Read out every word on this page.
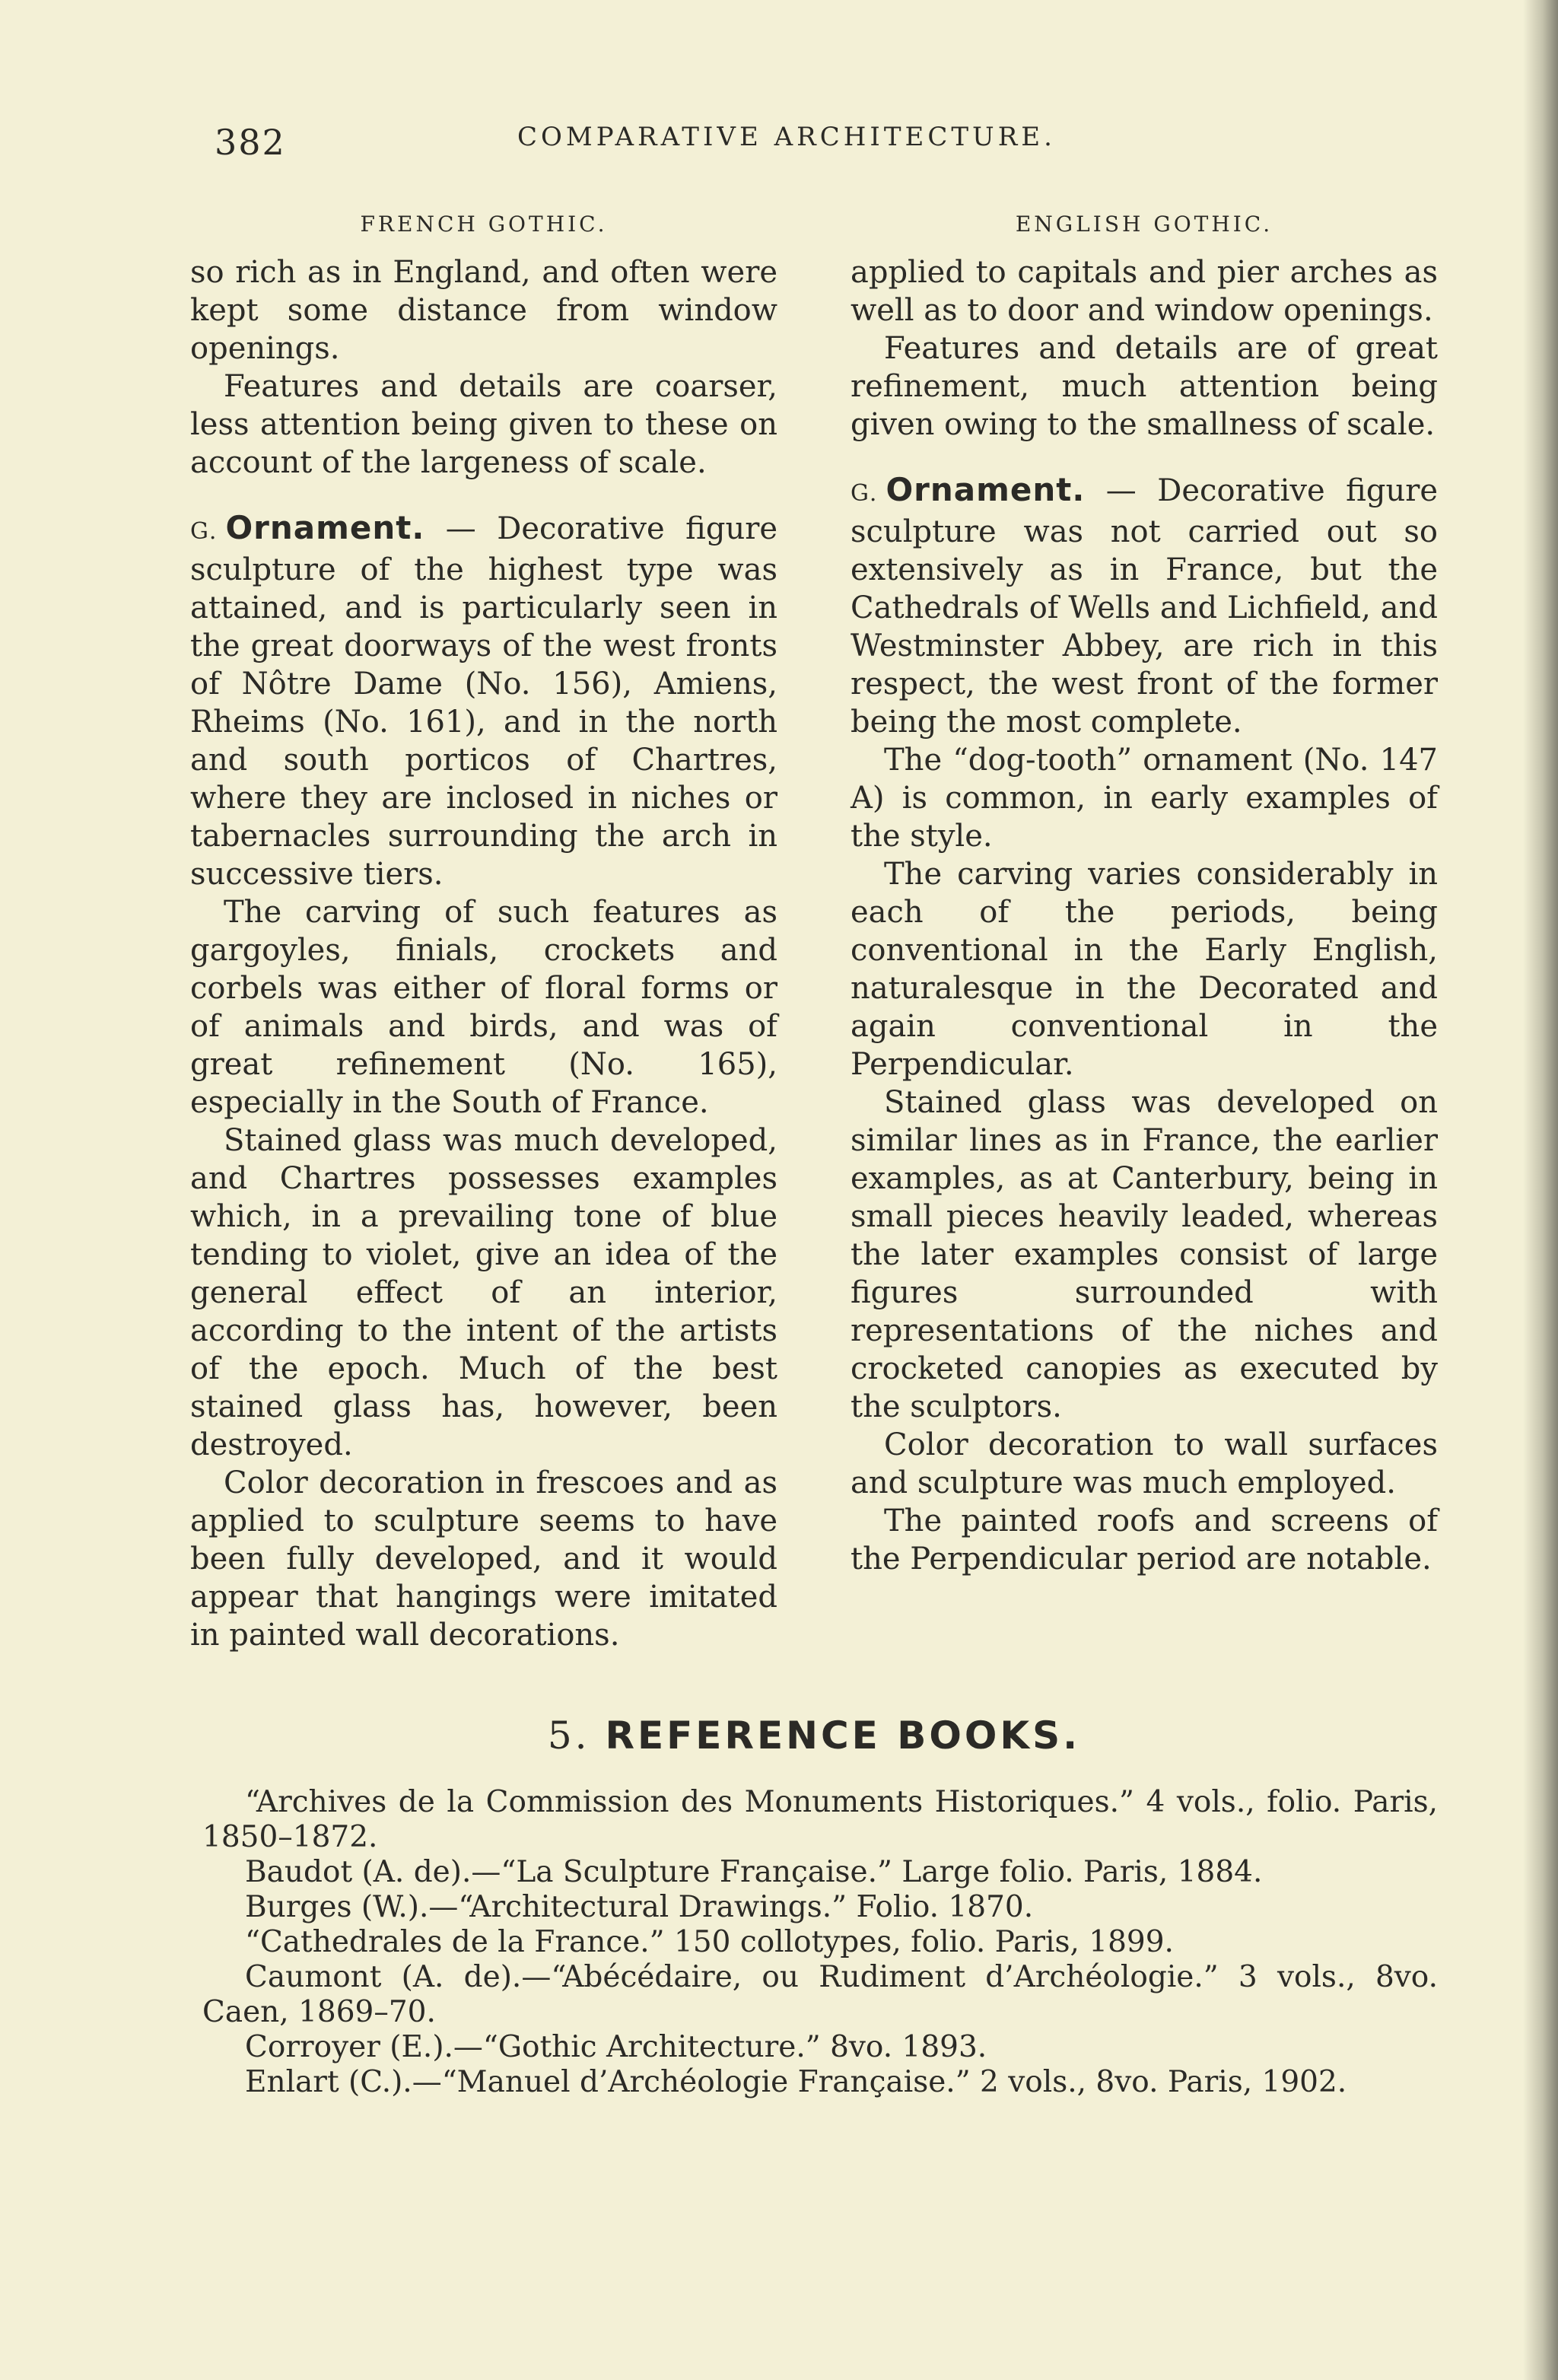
382	COMPARATIVE ARCHITECTURE.
FRENCH GOTHIC.

so rich as in England, and often were kept some distance from window openings.

Features and details are coarser, less attention being given to these on account of the largeness of scale.

G. Ornament. — Decorative figure sculpture of the highest type was attained, and is particularly seen in the great doorways of the west fronts of Nôtre Dame (No. 156), Amiens, Rheims (No. 161), and in the north and south porticos of Chartres, where they are inclosed in niches or tabernacles surrounding the arch in successive tiers.

The carving of such features as gargoyles, finials, crockets and corbels was either of floral forms or of animals and birds, and was of great refinement (No. 165), especially in the South of France.

Stained glass was much developed, and Chartres possesses examples which, in a prevailing tone of blue tending to violet, give an idea of the general effect of an interior, according to the intent of the artists of the epoch. Much of the best stained glass has, however, been destroyed.

Color decoration in frescoes and as applied to sculpture seems to have been fully developed, and it would appear that hangings were imitated in painted wall decorations.

ENGLISH GOTHIC.

applied to capitals and pier arches as well as to door and window openings.

Features and details are of great refinement, much attention being given owing to the smallness of scale.

G. Ornament. — Decorative figure sculpture was not carried out so extensively as in France, but the Cathedrals of Wells and Lichfield, and Westminster Abbey, are rich in this respect, the west front of the former being the most complete.

The “dog-tooth” ornament (No. 147 A) is common, in early examples of the style.

The carving varies considerably in each of the periods, being conventional in the Early English, naturalesque in the Decorated and again conventional in the Perpendicular.

Stained glass was developed on similar lines as in France, the earlier examples, as at Canterbury, being in small pieces heavily leaded, whereas the later examples consist of large figures surrounded with representations of the niches and crocketed canopies as executed by the sculptors.

Color decoration to wall surfaces and sculpture was much employed.

The painted roofs and screens of the Perpendicular period are notable.

5. REFERENCE BOOKS.

“Archives de la Commission des Monuments Historiques.” 4 vols., folio. Paris, 1850–1872.

Baudot (A. de).—“La Sculpture Française.” Large folio. Paris, 1884.

Burges (W.).—“Architectural Drawings.” Folio. 1870.

“Cathedrales de la France.” 150 collotypes, folio. Paris, 1899.

Caumont (A. de).—“Abécédaire, ou Rudiment d’Archéologie.” 3 vols., 8vo. Caen, 1869–70.

Corroyer (E.).—“Gothic Architecture.” 8vo. 1893.

Enlart (C.).—“Manuel d’Archéologie Française.” 2 vols., 8vo. Paris, 1902.
